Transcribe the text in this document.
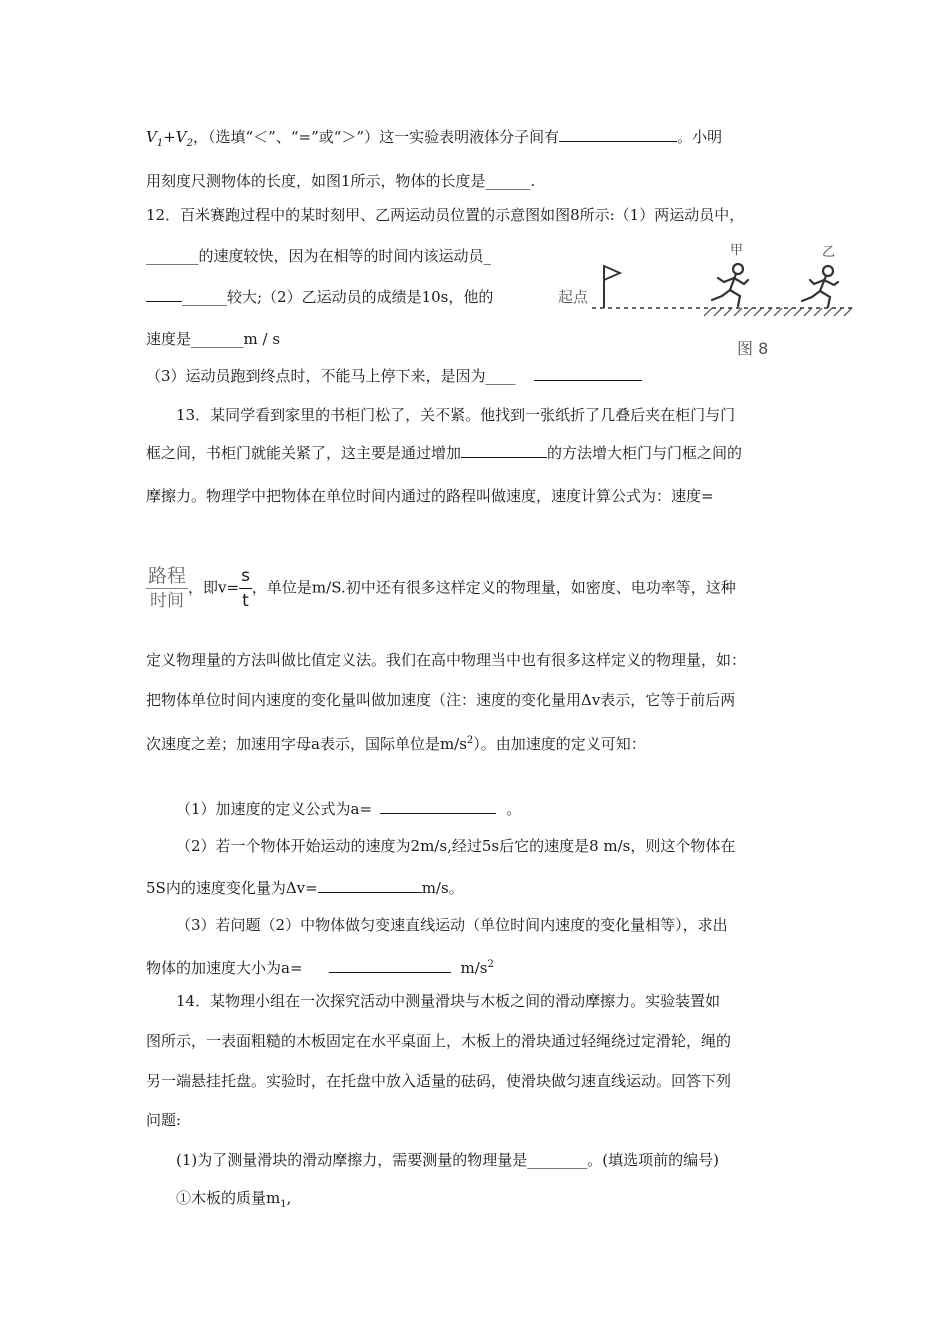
$V_1+V_2$，（选填“＜”、“=”或“＞”）这一实验表明液体分子间有	。小明
用刻度尺测物体的长度，如图1所示，物体的长度是______.
12．百米赛跑过程中的某时刻甲、乙两运动员位置的示意图如图8所示:（1）两运动员中，
_______的速度较快，因为在相等的时间内该运动员_
______较大;（2）乙运动员的成绩是10s，他的
速度是_______m / s
（3）运动员跑到终点时，不能马上停下来，是因为____
起点
甲	乙
图 8
13．某同学看到家里的书柜门松了，关不紧。他找到一张纸折了几叠后夹在柜门与门
框之间，书柜门就能关紧了，这主要是通过增加	的方法增大柜门与门框之间的
摩擦力。物理学中把物体在单位时间内通过的路程叫做速度，速度计算公式为：速度=
$\frac{\text{路程}}{\text{时间}}$ ，即$v= \frac{s}{t}$ ，单位是m/S.初中还有很多这样定义的物理量，如密度、电功率等，这种
定义物理量的方法叫做比值定义法。我们在高中物理当中也有很多这样定义的物理量，如：
把物体单位时间内速度的变化量叫做加速度（注：速度的变化量用Δv表示，它等于前后两
次速度之差；加速用字母a表示，国际单位是$m/s^2$）。由加速度的定义可知：
（1）加速度的定义公式为a=	。
（2）若一个物体开始运动的速度为2m/s,经过5s后它的速度是8 m/s，则这个物体在
5S内的速度变化量为Δv=	m/s。
（3）若问题（2）中物体做匀变速直线运动（单位时间内速度的变化量相等），求出
物体的加速度大小为a=	$m/s^2$
14．某物理小组在一次探究活动中测量滑块与木板之间的滑动摩擦力。实验装置如
图所示，一表面粗糙的木板固定在水平桌面上，木板上的滑块通过轻绳绕过定滑轮，绳的
另一端悬挂托盘。实验时，在托盘中放入适量的砝码，使滑块做匀速直线运动。回答下列
问题:
(1)为了测量滑块的滑动摩擦力，需要测量的物理量是________。(填选项前的编号)
①木板的质量$m_1$,
